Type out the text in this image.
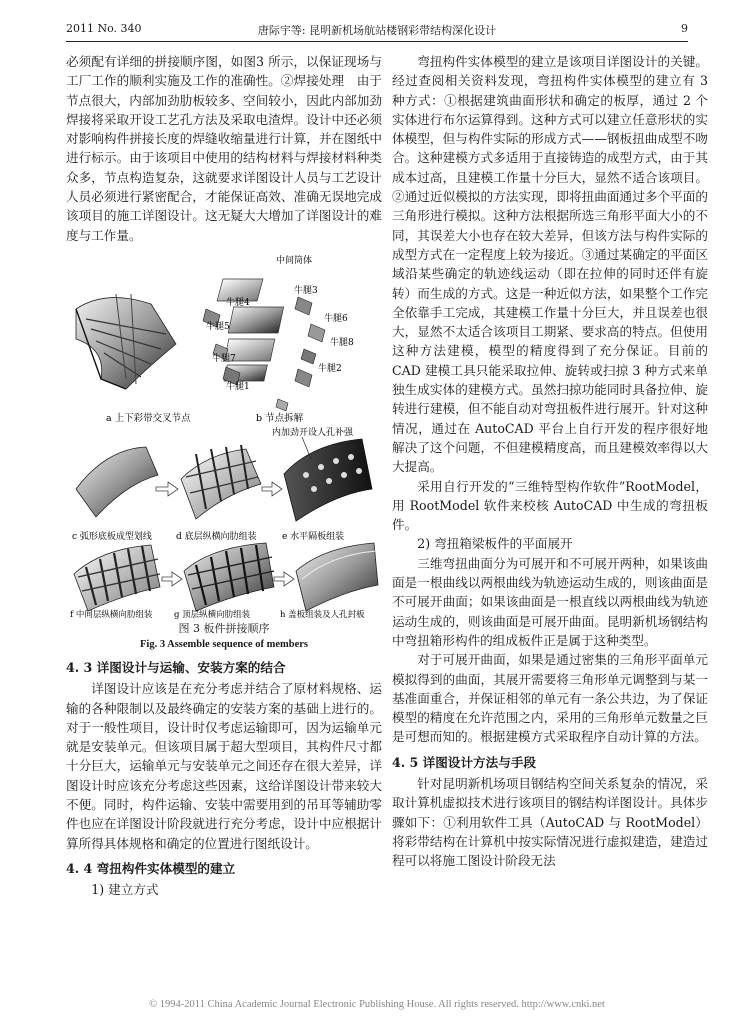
2011 No. 340	唐际宇等: 昆明新机场航站楼钢彩带结构深化设计	9

必须配有详细的拼接顺序图，如图3 所示，以保证现场与工厂工作的顺利实施及工作的准确性。②焊接处理　由于节点很大，内部加劲肋板较多、空间较小，因此内部加劲焊接将采取开设工艺孔方法及采取电渣焊。设计中还必须对影响构件拼接长度的焊缝收缩量进行计算，并在图纸中进行标示。由于该项目中使用的结构材料与焊接材料种类众多，节点构造复杂，这就要求详图设计人员与工艺设计人员必须进行紧密配合，才能保证高效、准确无误地完成该项目的施工详图设计。这无疑大大增加了详图设计的难度与工作量。

中间筒体
牛腿3
牛腿4
牛腿6
牛腿5
牛腿8
牛腿7
牛腿2
牛腿1
a 上下彩带交叉节点	b 节点拆解
内加劲开设人孔补强
c 弧形底板成型划线	d 底层纵横向肋组装	e 水平隔板组装
f 中间层纵横向肋组装	g 顶层纵横向肋组装	h 盖板组装及人孔封板

图 3 板件拼接顺序

Fig. 3 Assemble sequence of members

4. 3 详图设计与运输、安装方案的结合

详图设计应该是在充分考虑并结合了原材料规格、运输的各种限制以及最终确定的安装方案的基础上进行的。对于一般性项目，设计时仅考虑运输即可，因为运输单元就是安装单元。但该项目属于超大型项目，其构件尺寸都十分巨大，运输单元与安装单元之间还存在很大差异，详图设计时应该充分考虑这些因素，这给详图设计带来较大不便。同时，构件运输、安装中需要用到的吊耳等辅助零件也应在详图设计阶段就进行充分考虑，设计中应根据计算所得具体规格和确定的位置进行图纸设计。

4. 4 弯扭构件实体模型的建立

1) 建立方式

弯扭构件实体模型的建立是该项目详图设计的关键。经过查阅相关资料发现，弯扭构件实体模型的建立有 3 种方式：①根据建筑曲面形状和确定的板厚，通过 2 个实体进行布尔运算得到。这种方式可以建立任意形状的实体模型，但与构件实际的形成方式——钢板扭曲成型不吻合。这种建模方式多适用于直接铸造的成型方式，由于其成本过高，且建模工作量十分巨大，显然不适合该项目。②通过近似模拟的方法实现，即将扭曲面通过多个平面的三角形进行模拟。这种方法根据所选三角形平面大小的不同，其误差大小也存在较大差异，但该方法与构件实际的成型方式在一定程度上较为接近。③通过某确定的平面区域沿某些确定的轨迹线运动（即在拉伸的同时还伴有旋转）而生成的方式。这是一种近似方法，如果整个工作完全依靠手工完成，其建模工作量十分巨大，并且误差也很大，显然不太适合该项目工期紧、要求高的特点。但使用这种方法建模，模型的精度得到了充分保证。目前的 CAD 建模工具只能采取拉伸、旋转或扫掠 3 种方式来单独生成实体的建模方式。虽然扫掠功能同时具备拉伸、旋转进行建模，但不能自动对弯扭板件进行展开。针对这种情况，通过在 AutoCAD 平台上自行开发的程序很好地解决了这个问题，不但建模精度高，而且建模效率得以大大提高。

采用自行开发的“三维特型构作软件”RootModel，用 RootModel 软件来校核 AutoCAD 中生成的弯扭板件。

2) 弯扭箱梁板件的平面展开

三维弯扭曲面分为可展开和不可展开两种，如果该曲面是一根曲线以两根曲线为轨迹运动生成的，则该曲面是不可展开曲面；如果该曲面是一根直线以两根曲线为轨迹运动生成的，则该曲面是可展开曲面。昆明新机场钢结构中弯扭箱形构件的组成板件正是属于这种类型。

对于可展开曲面，如果是通过密集的三角形平面单元模拟得到的曲面，其展开需要将三角形单元调整到与某一基准面重合，并保证相邻的单元有一条公共边，为了保证模型的精度在允许范围之内，采用的三角形单元数量之巨是可想而知的。根据建模方式采取程序自动计算的方法。

4. 5 详图设计方法与手段

针对昆明新机场项目钢结构空间关系复杂的情况，采取计算机虚拟技术进行该项目的钢结构详图设计。具体步骤如下：①利用软件工具（AutoCAD 与 RootModel）将彩带结构在计算机中按实际情况进行虚拟建造，建造过程可以将施工图设计阶段无法

© 1994-2011 China Academic Journal Electronic Publishing House. All rights reserved. http://www.cnki.net
